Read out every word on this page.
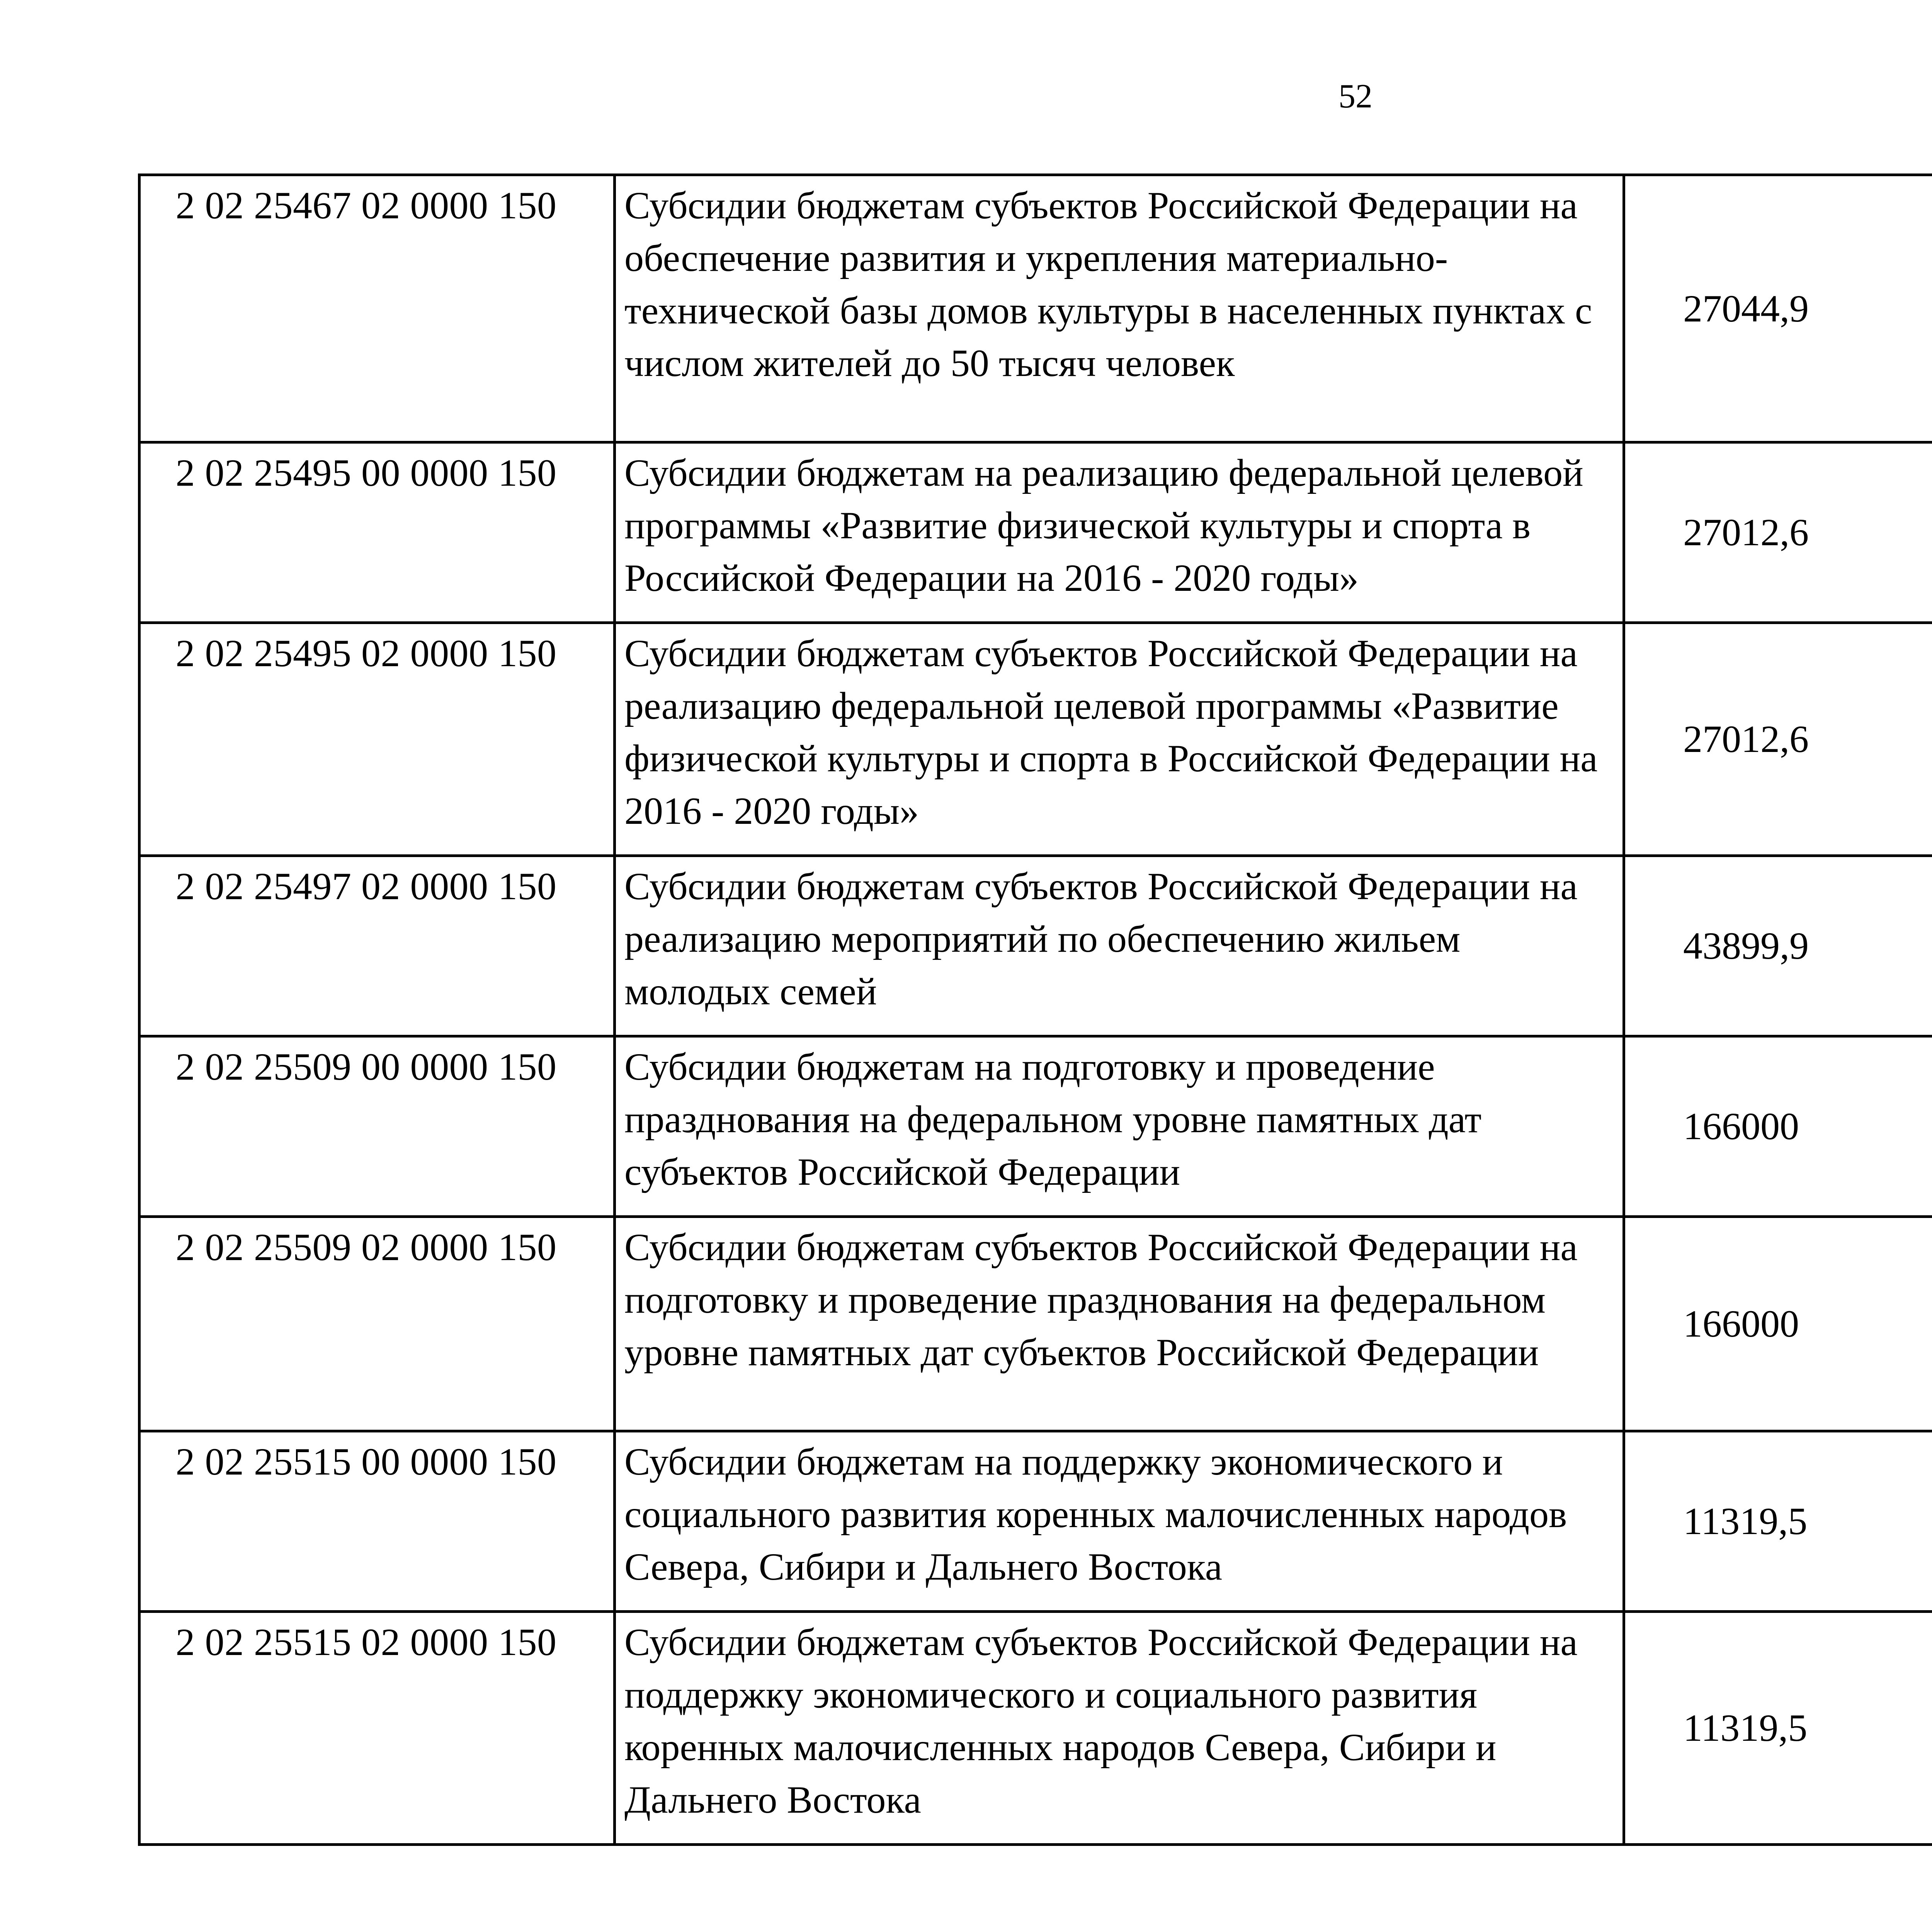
52
2 02 25467 02 0000 150	Субсидии бюджетам субъектов Российской Федерации на обеспечение развития и укрепления материально-технической базы домов культуры в населенных пунктах с числом жителей до 50 тысяч человек	27044,9		
2 02 25495 00 0000 150	Субсидии бюджетам на реализацию федеральной целевой программы «Развитие физической культуры и спорта в Российской Федерации на 2016 - 2020 годы»	27012,6		
2 02 25495 02 0000 150	Субсидии бюджетам субъектов Российской Федерации на реализацию федеральной целевой программы «Развитие физической культуры и спорта в Российской Федерации на 2016 - 2020 годы»	27012,6		
2 02 25497 02 0000 150	Субсидии бюджетам субъектов Российской Федерации на реализацию мероприятий по обеспечению жильем молодых семей	43899,9		
2 02 25509 00 0000 150	Субсидии бюджетам на подготовку и проведение празднования на федеральном уровне памятных дат субъектов Российской Федерации	166000		
2 02 25509 02 0000 150	Субсидии бюджетам субъектов Российской Федерации на подготовку и проведение празднования на федеральном уровне памятных дат субъектов Российской Федерации	166000		
2 02 25515 00 0000 150	Субсидии бюджетам на поддержку экономического и социального развития коренных малочисленных народов Севера, Сибири и Дальнего Востока	11319,5		
2 02 25515 02 0000 150	Субсидии бюджетам субъектов Российской Федерации на поддержку экономического и социального развития коренных малочисленных народов Севера, Сибири и Дальнего Востока	11319,5		
